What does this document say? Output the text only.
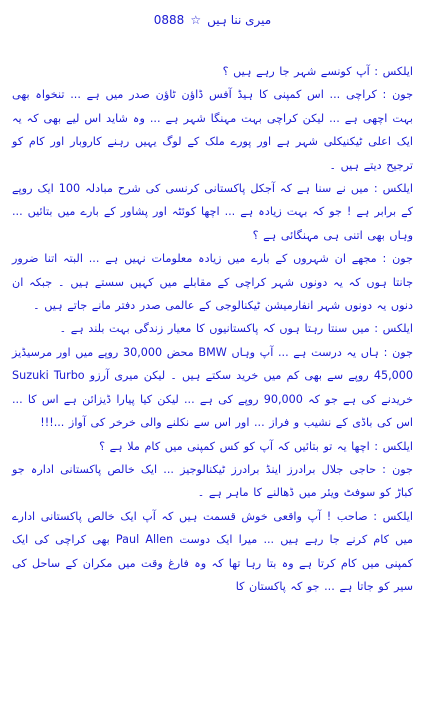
میری ننا ہیں☆0888

ایلکس : آپ کونسے شہر جا رہے ہیں ؟

جون : کراچی ... اس کمپنی کا ہیڈ آفس ڈاؤن ٹاؤن صدر میں ہے ... تنخواہ بھی بہت اچھی ہے ... لیکن کراچی بہت مہنگا شہر ہے ... وہ شاید اس لیے بھی کہ یہ ایک اعلی ٹیکنیکلی شہر ہے اور پورے ملک کے لوگ یہیں رہنے کاروبار اور کام کو ترجیح دیتے ہیں ۔

ایلکس : میں نے سنا ہے کہ آجکل پاکستانی کرنسی کی شرح مبادلہ 100 ایک روپے کے برابر ہے ! جو کہ بہت زیادہ ہے ... اچھا کوئٹہ اور پشاور کے بارے میں بتائیں ... وہاں بھی اتنی ہی مہنگائی ہے ؟

جون : مجھے ان شہروں کے بارے میں زیادہ معلومات نہیں ہے ... البتہ اتنا ضرور جانتا ہوں کہ یہ دونوں شہر کراچی کے مقابلے میں کہیں سستے ہیں ۔ جبکہ ان دنوں یہ دونوں شہر انفارمیشن ٹیکنالوجی کے عالمی صدر دفتر مانے جاتے ہیں ۔

ایلکس : میں سنتا رہتا ہوں کہ پاکستانیوں کا معیار زندگی بہت بلند ہے ۔

جون : ہاں یہ درست ہے ... آپ وہاں BMW محض 30,000 روپے میں اور مرسیڈیز 45,000 روپے سے بھی کم میں خرید سکتے ہیں ۔ لیکن میری آرزو Suzuki Turbo خریدنے کی ہے جو کہ 90,000 روپے کی ہے ... لیکن کیا پیارا ڈیزائن ہے اس کا ... اس کی باڈی کے نشیب و فراز ... اور اس سے نکلنے والی خرخر کی آواز ...!!!

ایلکس : اچھا یہ تو بتائیں کہ آپ کو کس کمپنی میں کام ملا ہے ؟

جون : حاجی جلال برادرز اینڈ برادرز ٹیکنالوجیز ... ایک خالص پاکستانی ادارہ جو کباڑ کو سوفٹ ویئر میں ڈھالنے کا ماہر ہے ۔

ایلکس : صاحب ! آپ واقعی خوش قسمت ہیں کہ آپ ایک خالص پاکستانی ادارے میں کام کرنے جا رہے ہیں ... میرا ایک دوست Paul Allen بھی کراچی کی ایک کمپنی میں کام کرتا ہے وہ بتا رہا تھا کہ وہ فارغ وقت میں مکران کے ساحل کی سیر کو جاتا ہے ... جو کہ پاکستان کا
